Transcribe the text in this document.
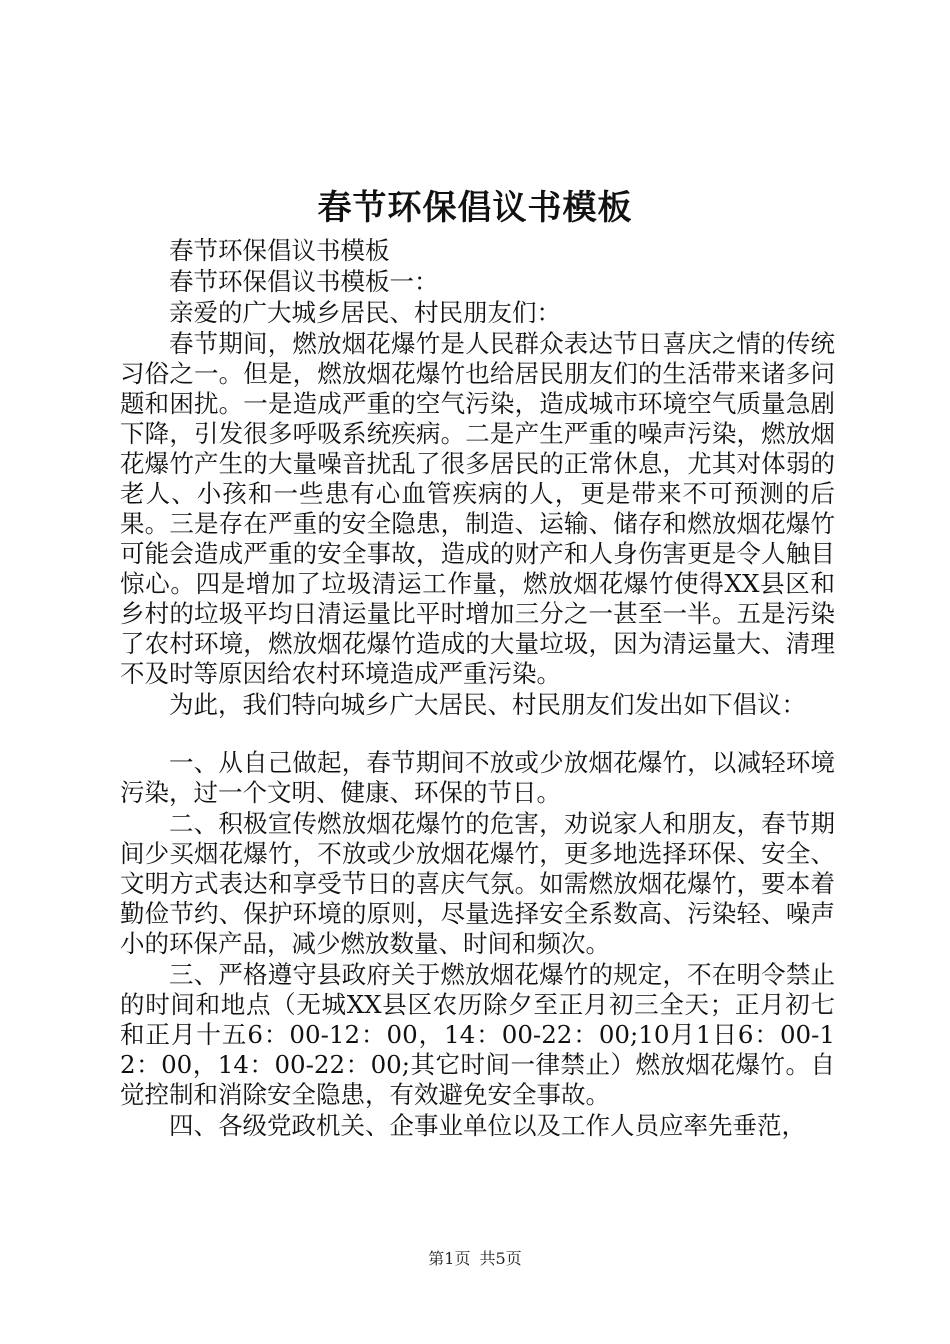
春节环保倡议书模板
春节环保倡议书模板
春节环保倡议书模板一：
亲爱的广大城乡居民、村民朋友们：

春节期间，燃放烟花爆竹是人民群众表达节日喜庆之情的传统习俗之一。但是，燃放烟花爆竹也给居民朋友们的生活带来诸多问题和困扰。一是造成严重的空气污染，造成城市环境空气质量急剧下降，引发很多呼吸系统疾病。二是产生严重的噪声污染，燃放烟花爆竹产生的大量噪音扰乱了很多居民的正常休息，尤其对体弱的老人、小孩和一些患有心血管疾病的人，更是带来不可预测的后果。三是存在严重的安全隐患，制造、运输、储存和燃放烟花爆竹可能会造成严重的安全事故，造成的财产和人身伤害更是令人触目惊心。四是增加了垃圾清运工作量，燃放烟花爆竹使得XX县区和乡村的垃圾平均日清运量比平时增加三分之一甚至一半。五是污染了农村环境，燃放烟花爆竹造成的大量垃圾，因为清运量大、清理不及时等原因给农村环境造成严重污染。

为此，我们特向城乡广大居民、村民朋友们发出如下倡议：

一、从自己做起，春节期间不放或少放烟花爆竹，以减轻环境污染，过一个文明、健康、环保的节日。

二、积极宣传燃放烟花爆竹的危害，劝说家人和朋友，春节期间少买烟花爆竹，不放或少放烟花爆竹，更多地选择环保、安全、文明方式表达和享受节日的喜庆气氛。如需燃放烟花爆竹，要本着勤俭节约、保护环境的原则，尽量选择安全系数高、污染轻、噪声小的环保产品，减少燃放数量、时间和频次。

三、严格遵守县政府关于燃放烟花爆竹的规定，不在明令禁止的时间和地点（无城XX县区农历除夕至正月初三全天；正月初七和正月十五6：00-12：00，14：00-22：00;10月1日6：00-12：00，14：00-22：00;其它时间一律禁止）燃放烟花爆竹。自觉控制和消除安全隐患，有效避免安全事故。

四、各级党政机关、企事业单位以及工作人员应率先垂范，

第1页 共5页
